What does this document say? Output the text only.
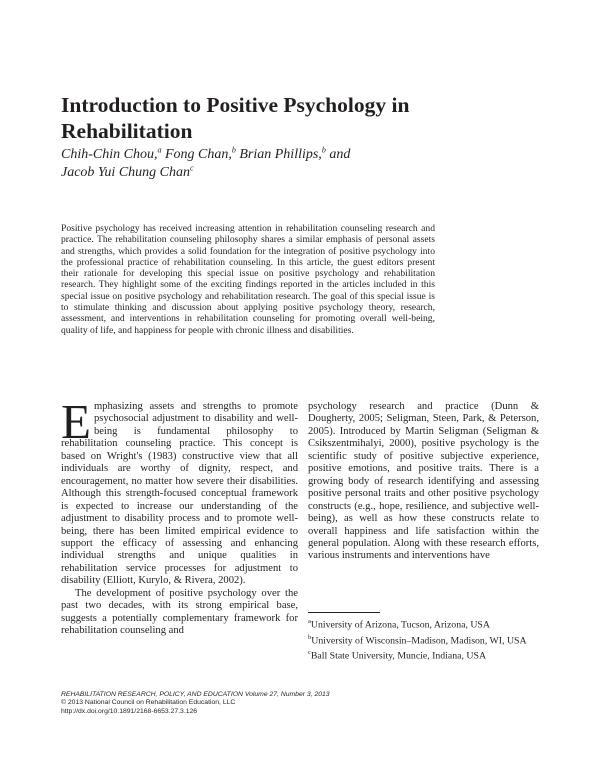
Introduction to Positive Psychology in
Rehabilitation
Chih-Chin Chou,$^a$ Fong Chan,$^b$ Brian Phillips,$^b$ and
Jacob Yui Chung Chan$^c$

Positive psychology has received increasing attention in rehabilitation counseling research and practice. The rehabilitation counseling philosophy shares a similar emphasis of personal assets and strengths, which provides a solid foundation for the integration of positive psychology into the professional practice of rehabilitation counseling. In this article, the guest editors present their rationale for developing this special issue on positive psychology and rehabilitation research. They highlight some of the exciting findings reported in the articles included in this special issue on positive psychology and rehabilitation research. The goal of this special issue is to stimulate thinking and discussion about applying positive psychology theory, research, assessment, and interventions in rehabilitation counseling for promoting overall well-being, quality of life, and happiness for people with chronic illness and disabilities.

Emphasizing assets and strengths to promote psychosocial adjustment to disability and well-being is fundamental philosophy to rehabilitation counseling practice. This concept is based on Wright's (1983) constructive view that all individuals are worthy of dignity, respect, and encouragement, no matter how severe their disabilities. Although this strength-focused conceptual framework is expected to increase our understanding of the adjustment to disability process and to promote well-being, there has been limited empirical evidence to support the efficacy of assessing and enhancing individual strengths and unique qualities in rehabilitation service processes for adjustment to disability (Elliott, Kurylo, & Rivera, 2002).

The development of positive psychology over the past two decades, with its strong empirical base, suggests a potentially complementary framework for rehabilitation counseling and

psychology research and practice (Dunn & Dougherty, 2005; Seligman, Steen, Park, & Peterson, 2005). Introduced by Martin Seligman (Seligman & Csikszentmihalyi, 2000), positive psychology is the scientific study of positive subjective experience, positive emotions, and positive traits. There is a growing body of research identifying and assessing positive personal traits and other positive psychology constructs (e.g., hope, resilience, and subjective well-being), as well as how these constructs relate to overall happiness and life satisfaction within the general population. Along with these research efforts, various instruments and interventions have

$^a$University of Arizona, Tucson, Arizona, USA

$^b$University of Wisconsin–Madison, Madison, WI, USA

$^c$Ball State University, Muncie, Indiana, USA

REHABILITATION RESEARCH, POLICY, AND EDUCATION Volume 27, Number 3, 2013
© 2013 National Council on Rehabilitation Education, LLC
http://dx.doi.org/10.1891/2168-6653.27.3.126
